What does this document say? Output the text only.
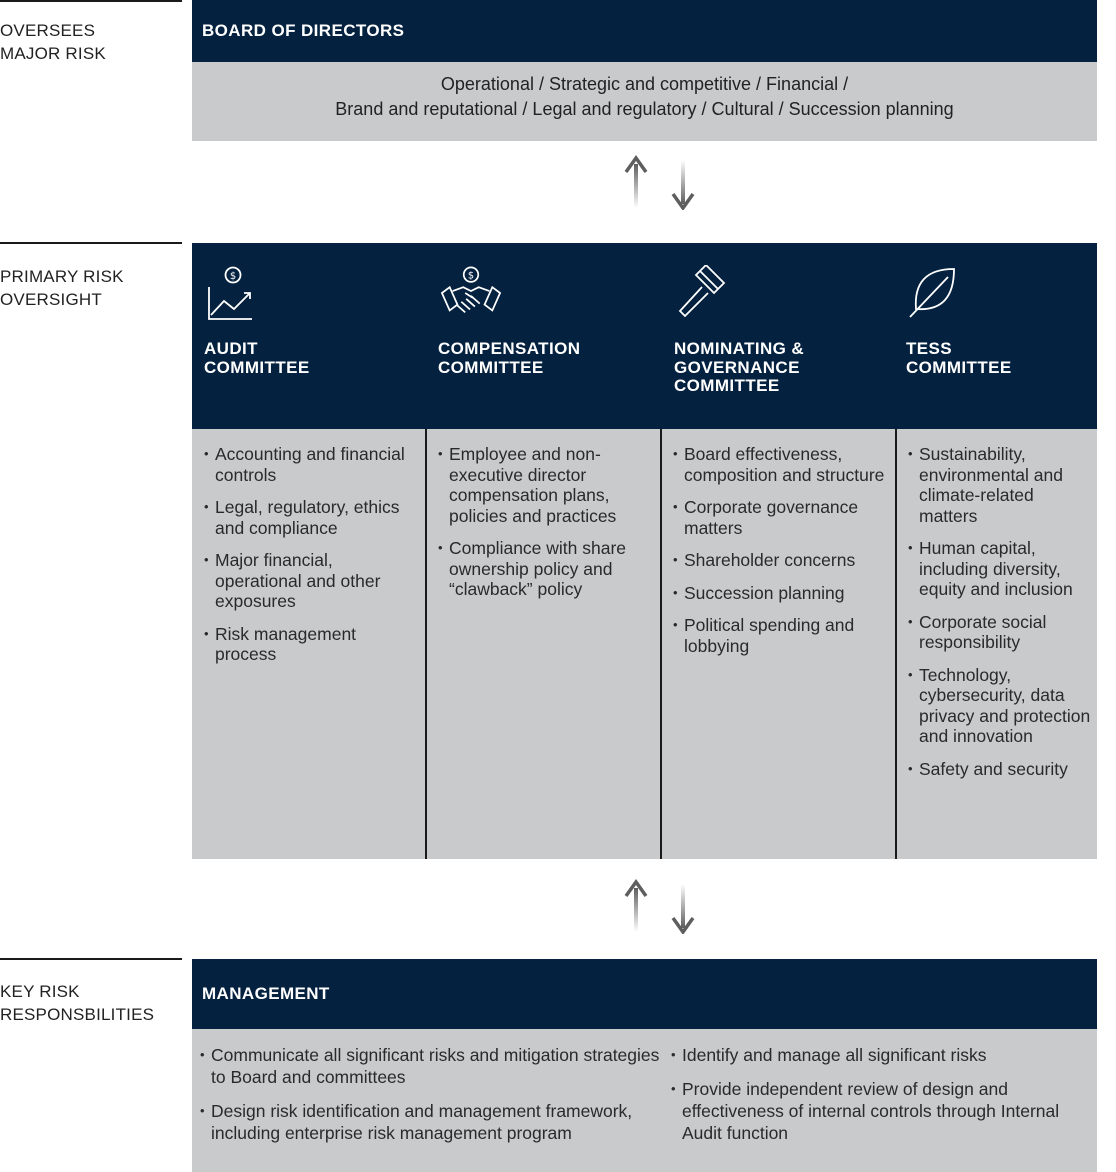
OVERSEES
MAJOR RISK
PRIMARY RISK
OVERSIGHT
KEY RISK
RESPONSBILITIES
BOARD OF DIRECTORS
Operational / Strategic and competitive / Financial /
Brand and reputational / Legal and regulatory / Cultural / Succession planning
$
AUDIT
COMMITTEE
$
COMPENSATION
COMMITTEE
NOMINATING &
GOVERNANCE
COMMITTEE
TESS
COMMITTEE
• Accounting and financial controls
• Legal, regulatory, ethics and compliance
• Major financial, operational and other exposures
• Risk management process
• Employee and non-executive director compensation plans, policies and practices
• Compliance with share ownership policy and “clawback” policy
• Board effectiveness, composition and structure
• Corporate governance matters
• Shareholder concerns
• Succession planning
• Political spending and lobbying
• Sustainability, environmental and climate-related matters
• Human capital, including diversity, equity and inclusion
• Corporate social responsibility
• Technology, cybersecurity, data privacy and protection and innovation
• Safety and security
MANAGEMENT
• Communicate all significant risks and mitigation strategies to Board and committees
• Design risk identification and management framework, including enterprise risk management program
• Identify and manage all significant risks
• Provide independent review of design and effectiveness of internal controls through Internal Audit function
